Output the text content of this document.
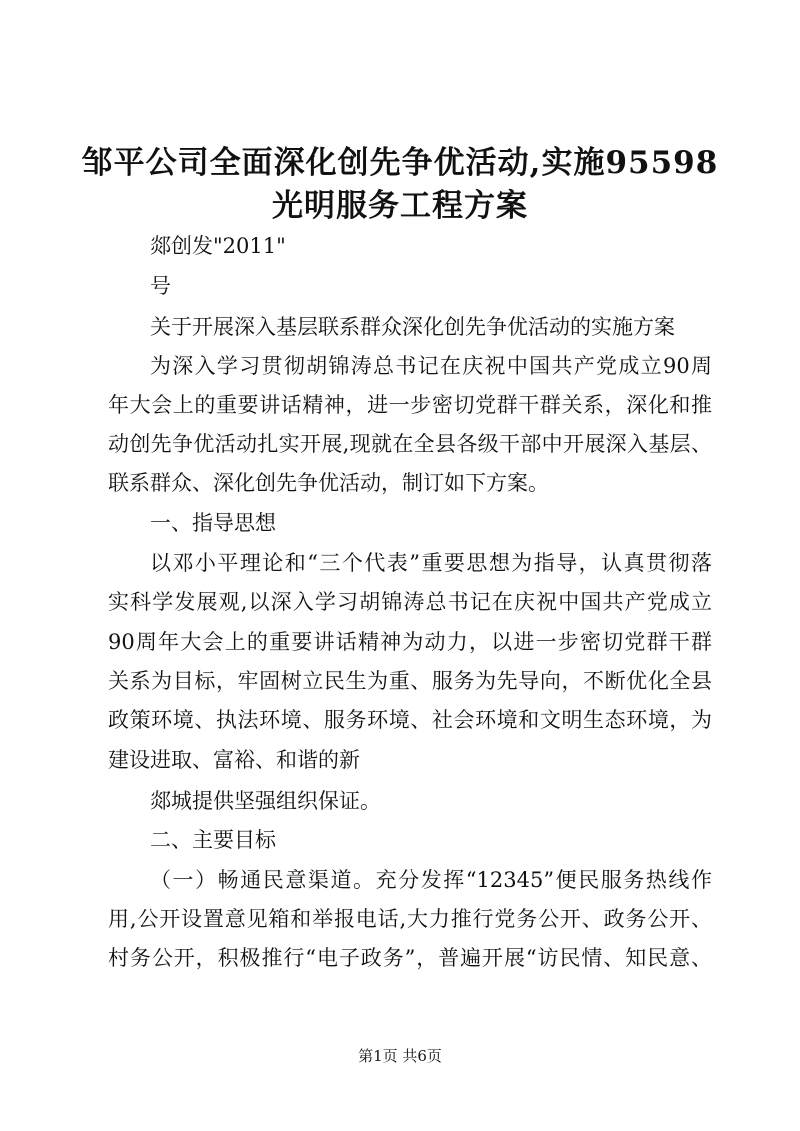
邹平公司全面深化创先争优活动,实施95598
光明服务工程方案
郯创发"2011"
号
关于开展深入基层联系群众深化创先争优活动的实施方案
为深入学习贯彻胡锦涛总书记在庆祝中国共产党成立90周
年大会上的重要讲话精神，进一步密切党群干群关系，深化和推
动创先争优活动扎实开展,现就在全县各级干部中开展深入基层、
联系群众、深化创先争优活动，制订如下方案。
一、指导思想
以邓小平理论和“三个代表”重要思想为指导，认真贯彻落
实科学发展观,以深入学习胡锦涛总书记在庆祝中国共产党成立
90周年大会上的重要讲话精神为动力，以进一步密切党群干群
关系为目标，牢固树立民生为重、服务为先导向，不断优化全县
政策环境、执法环境、服务环境、社会环境和文明生态环境，为
建设进取、富裕、和谐的新
郯城提供坚强组织保证。
二、主要目标
（一）畅通民意渠道。充分发挥“12345”便民服务热线作
用,公开设置意见箱和举报电话,大力推行党务公开、政务公开、
村务公开，积极推行“电子政务”，普遍开展“访民情、知民意、
第1页 共6页
